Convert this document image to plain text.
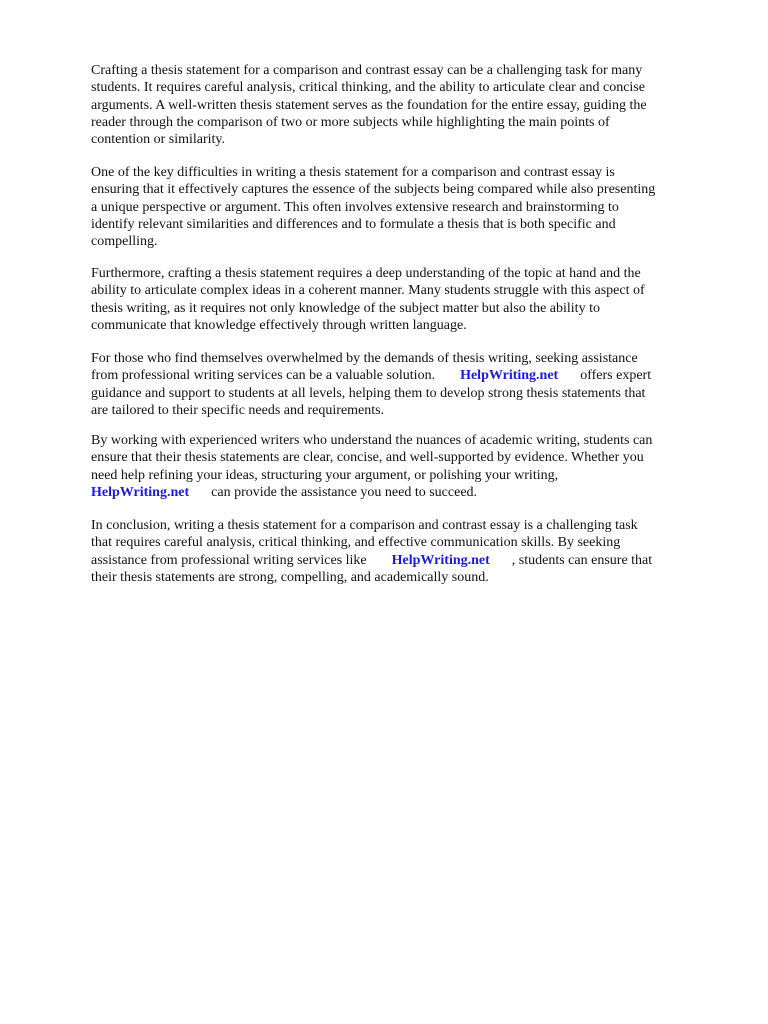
Crafting a thesis statement for a comparison and contrast essay can be a challenging task for many
students. It requires careful analysis, critical thinking, and the ability to articulate clear and concise
arguments. A well-written thesis statement serves as the foundation for the entire essay, guiding the
reader through the comparison of two or more subjects while highlighting the main points of
contention or similarity.

One of the key difficulties in writing a thesis statement for a comparison and contrast essay is
ensuring that it effectively captures the essence of the subjects being compared while also presenting
a unique perspective or argument. This often involves extensive research and brainstorming to
identify relevant similarities and differences and to formulate a thesis that is both specific and
compelling.

Furthermore, crafting a thesis statement requires a deep understanding of the topic at hand and the
ability to articulate complex ideas in a coherent manner. Many students struggle with this aspect of
thesis writing, as it requires not only knowledge of the subject matter but also the ability to
communicate that knowledge effectively through written language.

For those who find themselves overwhelmed by the demands of thesis writing, seeking assistance
from professional writing services can be a valuable solution. HelpWriting.net offers expert
guidance and support to students at all levels, helping them to develop strong thesis statements that
are tailored to their specific needs and requirements.

By working with experienced writers who understand the nuances of academic writing, students can
ensure that their thesis statements are clear, concise, and well-supported by evidence. Whether you
need help refining your ideas, structuring your argument, or polishing your writing,
HelpWriting.net can provide the assistance you need to succeed.

In conclusion, writing a thesis statement for a comparison and contrast essay is a challenging task
that requires careful analysis, critical thinking, and effective communication skills. By seeking
assistance from professional writing services like HelpWriting.net , students can ensure that
their thesis statements are strong, compelling, and academically sound.
